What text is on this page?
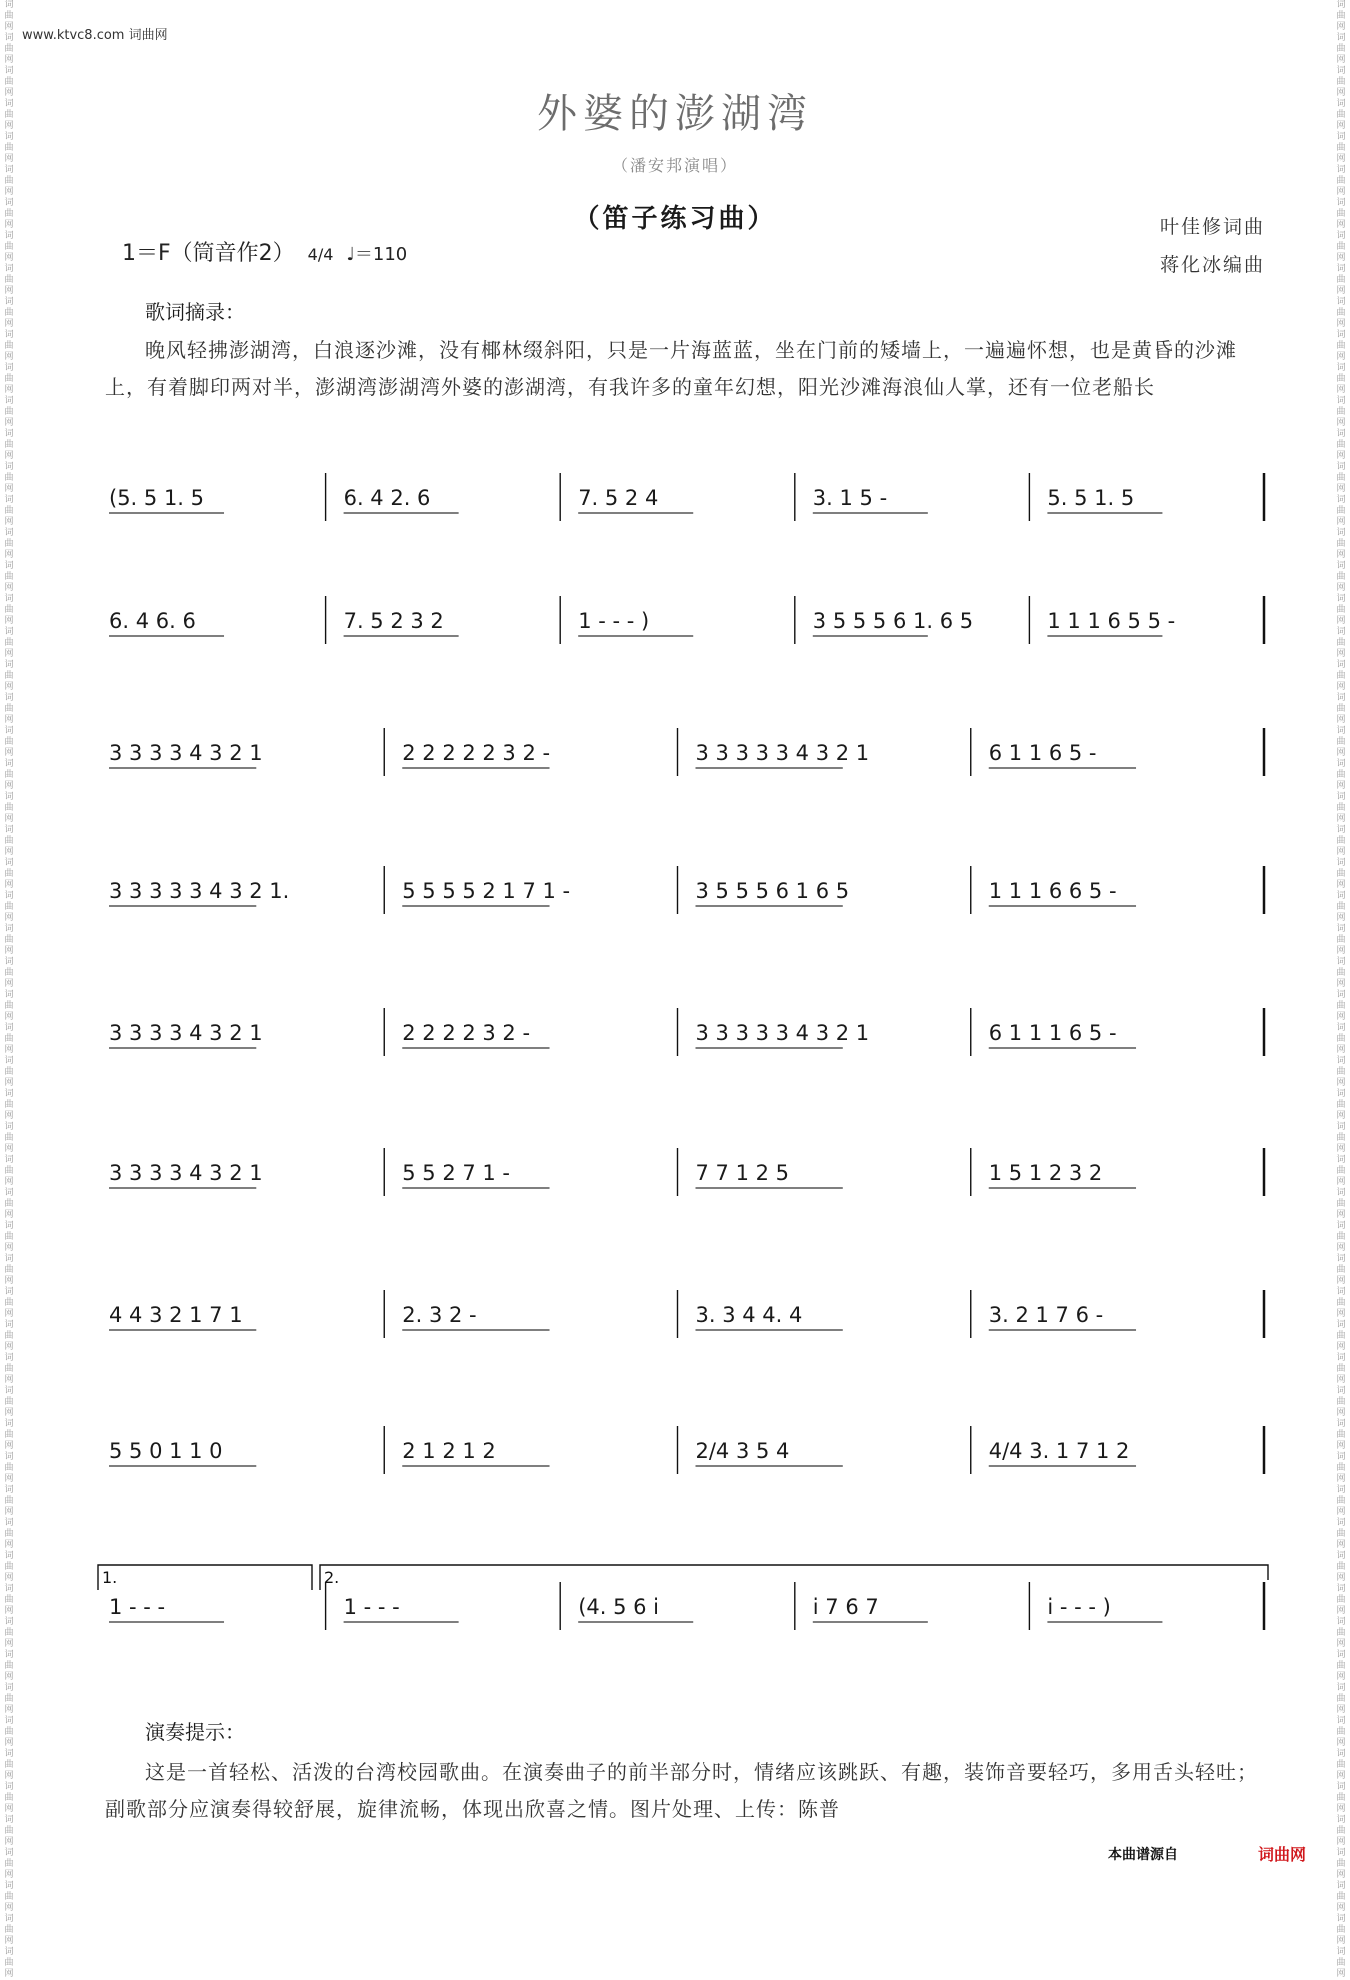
词
曲
网
词
曲
网
词
曲
网
词
曲
网
词
曲
网
词
曲
网
词
曲
网
词
曲
网
词
曲
网
词
曲
网
词
曲
网
词
曲
网
词
曲
网
词
曲
网
词
曲
网
词
曲
网
词
曲
网
词
曲
网
词
曲
网
词
曲
网
词
曲
网
词
曲
网
词
曲
网
词
曲
网
词
曲
网
词
曲
网
词
曲
网
词
曲
网
词
曲
网
词
曲
网
词
曲
网
词
曲
网
词
曲
网
词
曲
网
词
曲
网
词
曲
网
词
曲
网
词
曲
网
词
曲
网
词
曲
网
词
曲
网
词
曲
网
词
曲
网
词
曲
网
词
曲
网
词
曲
网
词
曲
网
词
曲
网
词
曲
网
词
曲
网
词
曲
网
词
曲
网
词
曲
网
词
曲
网
词
曲
网
词
曲
网
词
曲
网
词
曲
网
词
曲
网
词
曲
网
词
曲
网
词
曲
网
词
曲
网
词
曲
网
词
曲
网
词
曲
网
词
曲
网
词
曲
网
词
曲
网
词
曲
网
词
曲
网
词
曲
网
词
曲
网
词
曲
网
词
曲
网
词
曲
网
词
曲
网
词
曲
网
词
曲
网
词
曲
网
词
曲
网
词
曲
网
词
曲
网
词
曲
网
词
曲
网
词
曲
网
词
曲
网
词
曲
网
词
曲
网
词
曲
网
词
曲
网
词
曲
网
词
曲
网
词
曲
网
词
曲
网
词
曲
网
词
曲
网
词
曲
网
词
曲
网
词
曲
网
词
曲
网
词
曲
网
词
曲
网
词
曲
网
词
曲
网
词
曲
网
词
曲
网
词
曲
网
词
曲
网
词
曲
网
词
曲
网
词
曲
网
词
曲
网
词
曲
网
词
曲
网
词
曲
网
词
曲
网
词
曲
网
词
曲
网
词
曲
网
www.ktvc8.com 词曲网
外婆的澎湖湾
（潘安邦演唱）
（笛子练习曲）	叶佳修词曲
蒋化冰编曲
1＝F（筒音作2） 4/4 ♩＝110
歌词摘录：
晚风轻拂澎湖湾，白浪逐沙滩，没有椰林缀斜阳，只是一片海蓝蓝，坐在门前的矮墙上，一遍遍怀想，也是黄昏的沙滩上，有着脚印两对半，澎湖湾澎湖湾外婆的澎湖湾，有我许多的童年幻想，阳光沙滩海浪仙人掌，还有一位老船长
(5. 5 1. 5	6. 4 2. 6	7. 5 2 4	3. 1 5 -	5. 5 1. 5
6. 4 6. 6	7. 5 2 3 2	1 - - - )	3 5 5 5 6 1. 6 5	1 1 1 6 5 5 -
3 3 3 3 4 3 2 1	2 2 2 2 2 3 2 -	3 3 3 3 3 4 3 2 1	6 1 1 6 5 -
3 3 3 3 3 4 3 2 1.	5 5 5 5 2 1 7 1 -	3 5 5 5 6 1 6 5	1 1 1 6 6 5 -
3 3 3 3 4 3 2 1	2 2 2 2 3 2 -	3 3 3 3 3 4 3 2 1	6 1 1 1 6 5 -
3 3 3 3 4 3 2 1	5 5 2 7 1 -	7 7 1 2 5	1 5 1 2 3 2
4 4 3 2 1 7 1	2. 3 2 -	3. 3 4 4. 4	3. 2 1 7 6 -
5 5 0 1 1 0	2 1 2 1 2	2/4 3 5 4	4/4 3. 1 7 1 2
1 - - -	1 - - -	(4. 5 6 i	i 7 6 7	i - - - )
1.	2.
演奏提示：
这是一首轻松、活泼的台湾校园歌曲。在演奏曲子的前半部分时，情绪应该跳跃、有趣，装饰音要轻巧，多用舌头轻吐；副歌部分应演奏得较舒展，旋律流畅，体现出欣喜之情。图片处理、上传：陈普
本曲谱源自	词曲网
